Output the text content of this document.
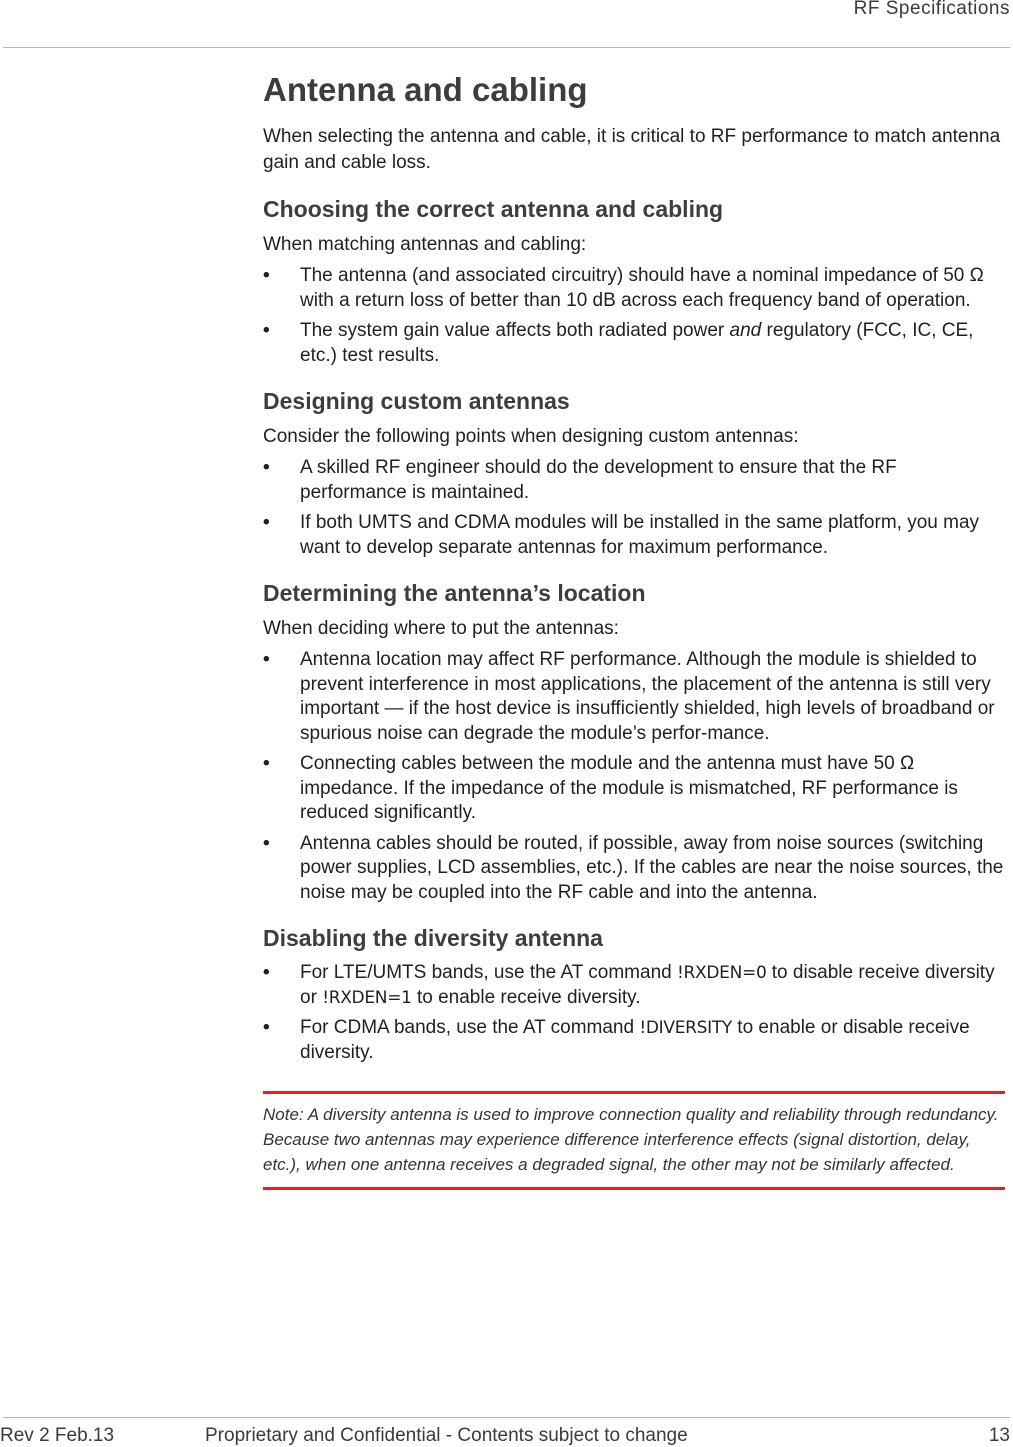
RF Specifications
Antenna and cabling

When selecting the antenna and cable, it is critical to RF performance to match antenna gain and cable loss.

Choosing the correct antenna and cabling

When matching antennas and cabling:

• The antenna (and associated circuitry) should have a nominal impedance of 50 Ω with a return loss of better than 10 dB across each frequency band of operation.
• The system gain value affects both radiated power and regulatory (FCC, IC, CE, etc.) test results.
Designing custom antennas

Consider the following points when designing custom antennas:

• A skilled RF engineer should do the development to ensure that the RF performance is maintained.
• If both UMTS and CDMA modules will be installed in the same platform, you may want to develop separate antennas for maximum performance.
Determining the antenna’s location

When deciding where to put the antennas:

• Antenna location may affect RF performance. Although the module is shielded to prevent interference in most applications, the placement of the antenna is still very important — if the host device is insufficiently shielded, high levels of broadband or spurious noise can degrade the module’s perfor-mance.
• Connecting cables between the module and the antenna must have 50 Ω impedance. If the impedance of the module is mismatched, RF performance is reduced significantly.
• Antenna cables should be routed, if possible, away from noise sources (switching power supplies, LCD assemblies, etc.). If the cables are near the noise sources, the noise may be coupled into the RF cable and into the antenna.
Disabling the diversity antenna
• For LTE/UMTS bands, use the AT command !RXDEN=0 to disable receive diversity or !RXDEN=1 to enable receive diversity.
• For CDMA bands, use the AT command !DIVERSITY to enable or disable receive diversity.
Note: A diversity antenna is used to improve connection quality and reliability through redundancy. Because two antennas may experience difference interference effects (signal distortion, delay, etc.), when one antenna receives a degraded signal, the other may not be similarly affected.
Rev 2 Feb.13	Proprietary and Confidential - Contents subject to change	13
